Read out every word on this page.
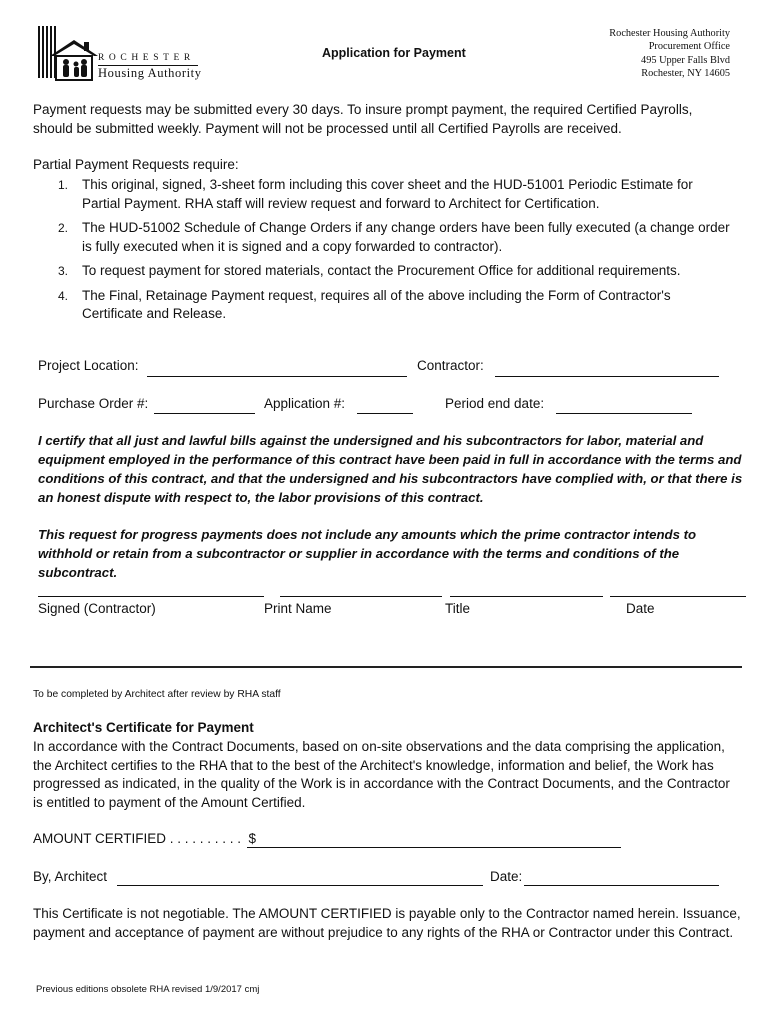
ROCHESTER
Housing Authority
Application for Payment
Rochester Housing Authority
Procurement Office
495 Upper Falls Blvd
Rochester, NY 14605
Payment requests may be submitted every 30 days. To insure prompt payment, the required Certified Payrolls, should be submitted weekly. Payment will not be processed until all Certified Payrolls are received.
Partial Payment Requests require:
1. This original, signed, 3-sheet form including this cover sheet and the HUD-51001 Periodic Estimate for Partial Payment. RHA staff will review request and forward to Architect for Certification.
2. The HUD-51002 Schedule of Change Orders if any change orders have been fully executed (a change order is fully executed when it is signed and a copy forwarded to contractor).
3. To request payment for stored materials, contact the Procurement Office for additional requirements.
4. The Final, Retainage Payment request, requires all of the above including the Form of Contractor's Certificate and Release.
Project Location:	Contractor:
Purchase Order #:	Application #:	Period end date:
I certify that all just and lawful bills against the undersigned and his subcontractors for labor, material and equipment employed in the performance of this contract have been paid in full in accordance with the terms and conditions of this contract, and that the undersigned and his subcontractors have complied with, or that there is an honest dispute with respect to, the labor provisions of this contract.
This request for progress payments does not include any amounts which the prime contractor intends to withhold or retain from a subcontractor or supplier in accordance with the terms and conditions of the subcontract.
Signed (Contractor)	Print Name	Title	Date
To be completed by Architect after review by RHA staff
Architect's Certificate for Payment
In accordance with the Contract Documents, based on on-site observations and the data comprising the application, the Architect certifies to the RHA that to the best of the Architect's knowledge, information and belief, the Work has progressed as indicated, in the quality of the Work is in accordance with the Contract Documents, and the Contractor is entitled to payment of the Amount Certified.
AMOUNT CERTIFIED . . . . . . . . . .  $
By, Architect	Date:
This Certificate is not negotiable. The AMOUNT CERTIFIED is payable only to the Contractor named herein. Issuance, payment and acceptance of payment are without prejudice to any rights of the RHA or Contractor under this Contract.
Previous editions obsolete RHA revised 1/9/2017 cmj
